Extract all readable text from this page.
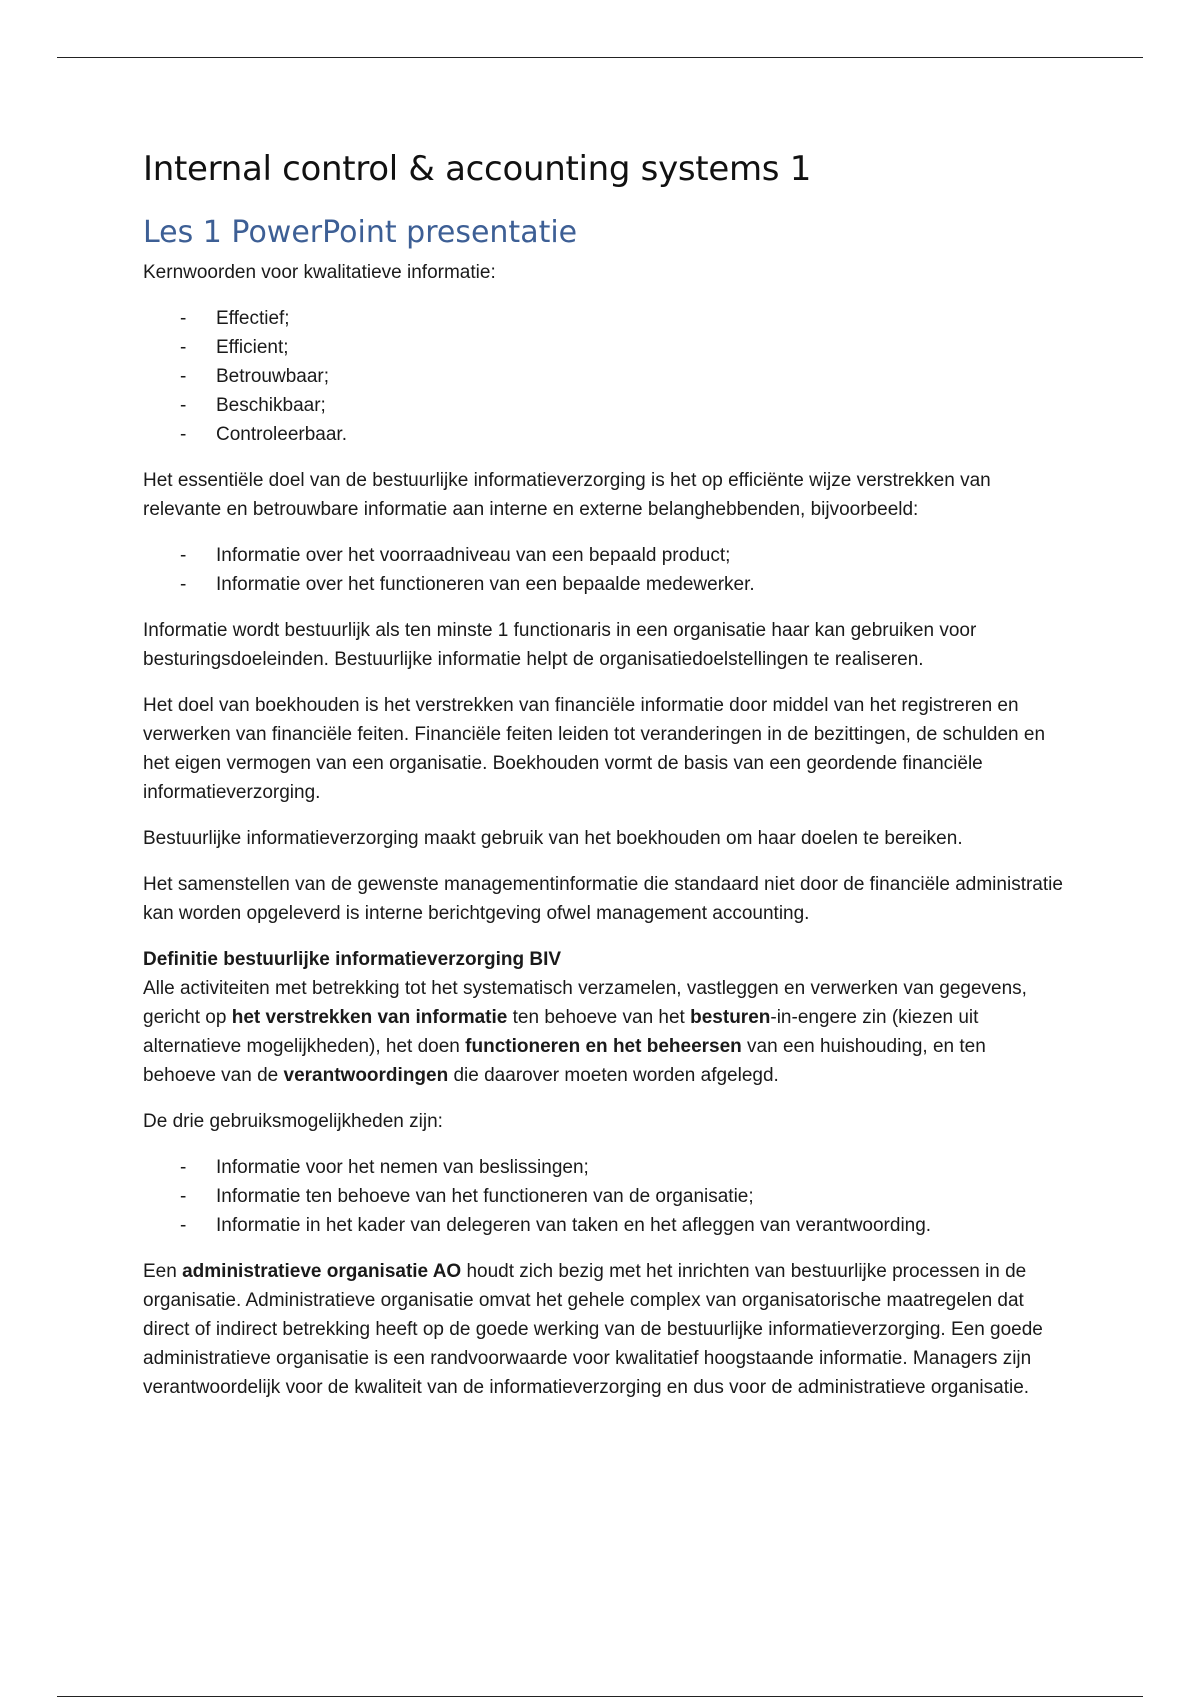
Internal control & accounting systems 1
Les 1 PowerPoint presentatie

Kernwoorden voor kwalitatieve informatie:

- Effectief;
- Efficient;
- Betrouwbaar;
- Beschikbaar;
- Controleerbaar.

Het essentiële doel van de bestuurlijke informatieverzorging is het op efficiënte wijze verstrekken van relevante en betrouwbare informatie aan interne en externe belanghebbenden, bijvoorbeeld:

- Informatie over het voorraadniveau van een bepaald product;
- Informatie over het functioneren van een bepaalde medewerker.

Informatie wordt bestuurlijk als ten minste 1 functionaris in een organisatie haar kan gebruiken voor besturingsdoeleinden. Bestuurlijke informatie helpt de organisatiedoelstellingen te realiseren.

Het doel van boekhouden is het verstrekken van financiële informatie door middel van het registreren en verwerken van financiële feiten. Financiële feiten leiden tot veranderingen in de bezittingen, de schulden en het eigen vermogen van een organisatie. Boekhouden vormt de basis van een geordende financiële informatieverzorging.

Bestuurlijke informatieverzorging maakt gebruik van het boekhouden om haar doelen te bereiken.

Het samenstellen van de gewenste managementinformatie die standaard niet door de financiële administratie kan worden opgeleverd is interne berichtgeving ofwel management accounting.

Definitie bestuurlijke informatieverzorging BIV
Alle activiteiten met betrekking tot het systematisch verzamelen, vastleggen en verwerken van gegevens, gericht op het verstrekken van informatie ten behoeve van het besturen-in-engere zin (kiezen uit alternatieve mogelijkheden), het doen functioneren en het beheersen van een huishouding, en ten behoeve van de verantwoordingen die daarover moeten worden afgelegd.

De drie gebruiksmogelijkheden zijn:

- Informatie voor het nemen van beslissingen;
- Informatie ten behoeve van het functioneren van de organisatie;
- Informatie in het kader van delegeren van taken en het afleggen van verantwoording.

Een administratieve organisatie AO houdt zich bezig met het inrichten van bestuurlijke processen in de organisatie. Administratieve organisatie omvat het gehele complex van organisatorische maatregelen dat direct of indirect betrekking heeft op de goede werking van de bestuurlijke informatieverzorging. Een goede administratieve organisatie is een randvoorwaarde voor kwalitatief hoogstaande informatie. Managers zijn verantwoordelijk voor de kwaliteit van de informatieverzorging en dus voor de administratieve organisatie.
